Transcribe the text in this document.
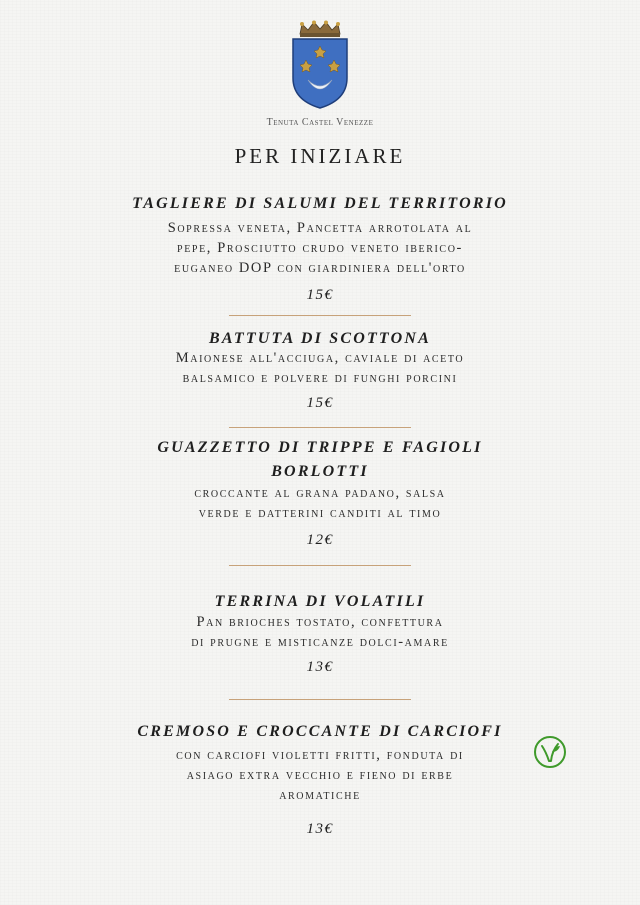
Tenuta Castel Venezze
PER INIZIARE
TAGLIERE DI SALUMI DEL TERRITORIO
Sopressa veneta, Pancetta arrotolata al
pepe, Prosciutto crudo veneto iberico-
euganeo DOP con giardiniera dell'orto
15€
BATTUTA DI SCOTTONA
Maionese all'acciuga, caviale di aceto
balsamico e polvere di funghi porcini
15€
GUAZZETTO DI TRIPPE E FAGIOLI
BORLOTTI
croccante al grana padano, salsa
verde e datterini canditi al timo
12€
TERRINA DI VOLATILI
Pan brioches tostato, confettura
di prugne e misticanze dolci-amare
13€
CREMOSO E CROCCANTE DI CARCIOFI
con carciofi violetti fritti, fonduta di
asiago extra vecchio e fieno di erbe
aromatiche
13€
